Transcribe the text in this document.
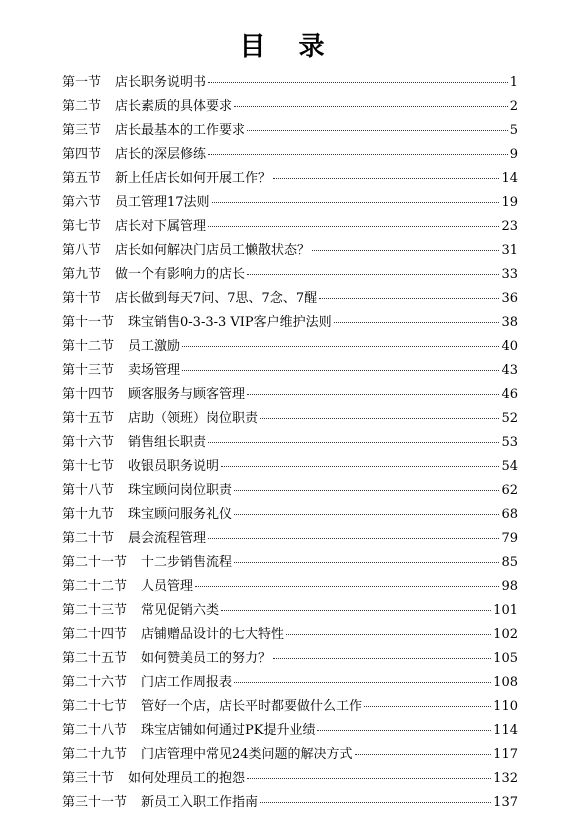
目 录
第一节 店长职务说明书	1
第二节 店长素质的具体要求	2
第三节 店长最基本的工作要求	5
第四节 店长的深层修练	9
第五节 新上任店长如何开展工作？	14
第六节 员工管理17法则	19
第七节 店长对下属管理	23
第八节 店长如何解决门店员工懒散状态？	31
第九节 做一个有影响力的店长	33
第十节 店长做到每天7问、7思、7念、7醒	36
第十一节 珠宝销售0-3-3-3 VIP客户维护法则	38
第十二节 员工激励	40
第十三节 卖场管理	43
第十四节 顾客服务与顾客管理	46
第十五节 店助（领班）岗位职责	52
第十六节 销售组长职责	53
第十七节 收银员职务说明	54
第十八节 珠宝顾问岗位职责	62
第十九节 珠宝顾问服务礼仪	68
第二十节 晨会流程管理	79
第二十一节 十二步销售流程	85
第二十二节 人员管理	98
第二十三节 常见促销六类	101
第二十四节 店铺赠品设计的七大特性	102
第二十五节 如何赞美员工的努力？	105
第二十六节 门店工作周报表	108
第二十七节 管好一个店，店长平时都要做什么工作	110
第二十八节 珠宝店铺如何通过PK提升业绩	114
第二十九节 门店管理中常见24类问题的解决方式	117
第三十节 如何处理员工的抱怨	132
第三十一节 新员工入职工作指南	137
